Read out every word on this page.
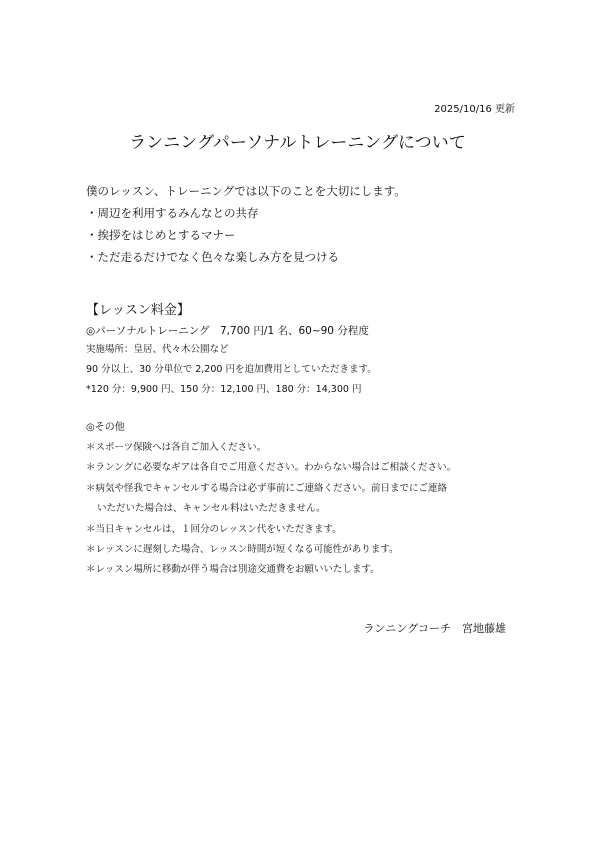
2025/10/16 更新
ランニングパーソナルトレーニングについて
僕のレッスン、トレーニングでは以下のことを大切にします。
・周辺を利用するみんなとの共存
・挨拶をはじめとするマナー
・ただ走るだけでなく色々な楽しみ方を見つける
【レッスン料金】
◎パーソナルトレーニング　7,700 円/1 名、60~90 分程度
実施場所：皇居、代々木公園など
90 分以上、30 分単位で 2,200 円を追加費用としていただきます。
*120 分：9,900 円、150 分：12,100 円、180 分：14,300 円
◎その他
＊スポーツ保険へは各自ご加入ください。
＊ランングに必要なギアは各自でご用意ください。わからない場合はご相談ください。
＊病気や怪我でキャンセルする場合は必ず事前にご連絡ください。前日までにご連絡
いただいた場合は、キャンセル料はいただきません。
＊当日キャンセルは、１回分のレッスン代をいただきます。
＊レッスンに遅刻した場合、レッスン時間が短くなる可能性があります。
＊レッスン場所に移動が伴う場合は別途交通費をお願いいたします。
ランニングコーチ　宮地藤雄
